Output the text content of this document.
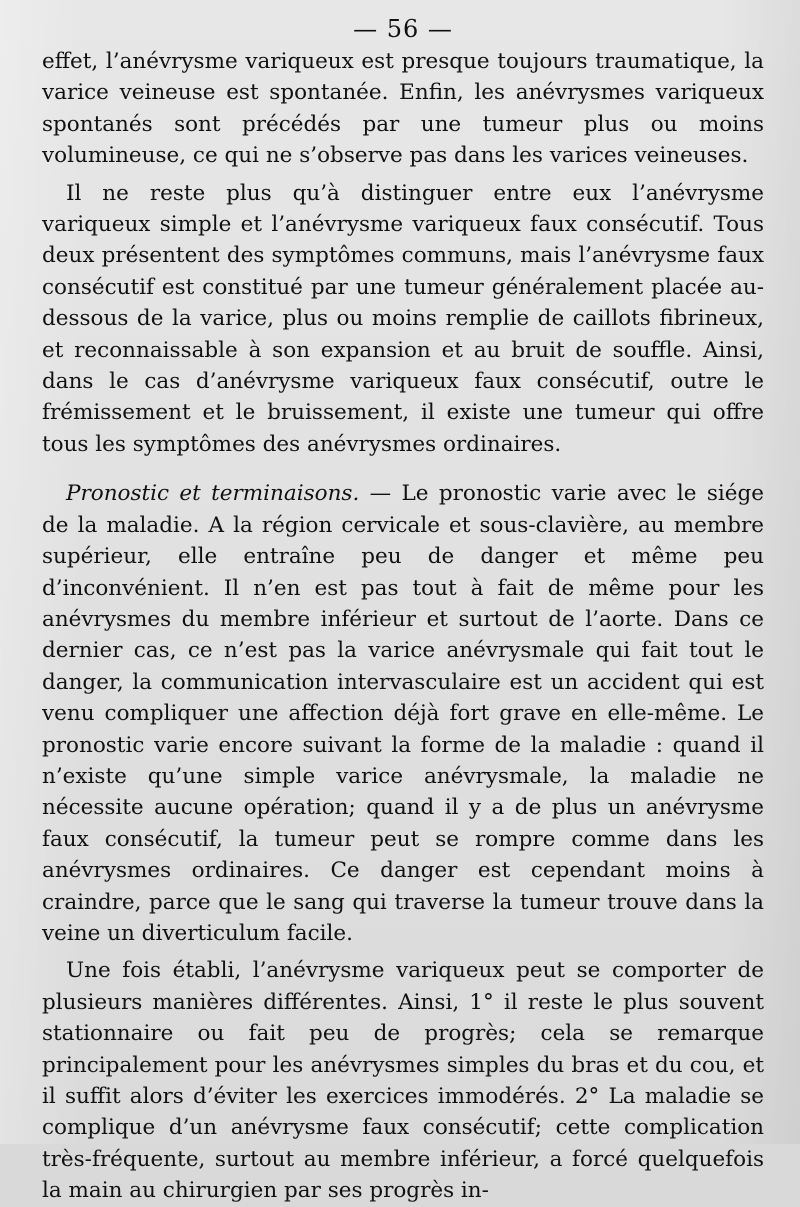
— 56 —

effet, l’anévrysme variqueux est presque toujours traumatique, la varice veineuse est spontanée. Enfin, les anévrysmes variqueux spontanés sont précédés par une tumeur plus ou moins volumineuse, ce qui ne s’observe pas dans les varices veineuses.

Il ne reste plus qu’à distinguer entre eux l’anévrysme variqueux simple et l’anévrysme variqueux faux consécutif. Tous deux présentent des symptômes communs, mais l’anévrysme faux consécutif est constitué par une tumeur généralement placée au-dessous de la varice, plus ou moins remplie de caillots fibrineux, et reconnaissable à son expansion et au bruit de souffle. Ainsi, dans le cas d’anévrysme variqueux faux consécutif, outre le frémissement et le bruissement, il existe une tumeur qui offre tous les symptômes des anévrysmes ordinaires.

Pronostic et terminaisons. — Le pronostic varie avec le siége de la maladie. A la région cervicale et sous-clavière, au membre supérieur, elle entraîne peu de danger et même peu d’inconvénient. Il n’en est pas tout à fait de même pour les anévrysmes du membre inférieur et surtout de l’aorte. Dans ce dernier cas, ce n’est pas la varice anévrysmale qui fait tout le danger, la communication intervasculaire est un accident qui est venu compliquer une affection déjà fort grave en elle-même. Le pronostic varie encore suivant la forme de la maladie : quand il n’existe qu’une simple varice anévrysmale, la maladie ne nécessite aucune opération; quand il y a de plus un anévrysme faux consécutif, la tumeur peut se rompre comme dans les anévrysmes ordinaires. Ce danger est cependant moins à craindre, parce que le sang qui traverse la tumeur trouve dans la veine un diverticulum facile.

Une fois établi, l’anévrysme variqueux peut se comporter de plusieurs manières différentes. Ainsi, 1° il reste le plus souvent stationnaire ou fait peu de progrès; cela se remarque principalement pour les anévrysmes simples du bras et du cou, et il suffit alors d’éviter les exercices immodérés. 2° La maladie se complique d’un anévrysme faux consécutif; cette complication très-fréquente, surtout au membre inférieur, a forcé quelquefois la main au chirurgien par ses progrès in-
